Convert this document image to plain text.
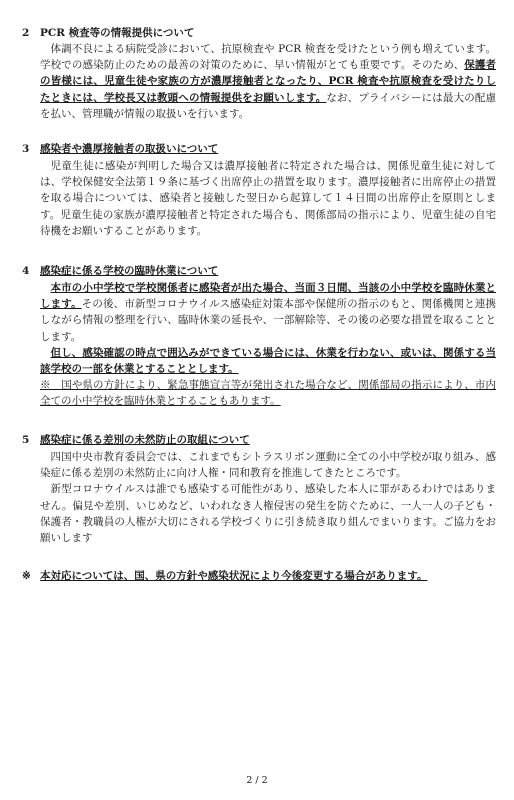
2 PCR 検査等の情報提供について

体調不良による病院受診において、抗原検査や PCR 検査を受けたという例も増えています。学校での感染防止のための最善の対策のために、早い情報がとても重要です。そのため、保護者の皆様には、児童生徒や家族の方が濃厚接触者となったり、PCR 検査や抗原検査を受けたりしたときには、学校長又は教頭への情報提供をお願いします。なお、プライバシーには最大の配慮を払い、管理職が情報の取扱いを行います。

3 感染者や濃厚接触者の取扱いについて

児童生徒に感染が判明した場合又は濃厚接触者に特定された場合は、関係児童生徒に対しては、学校保健安全法第１９条に基づく出席停止の措置を取ります。濃厚接触者に出席停止の措置を取る場合については、感染者と接触した翌日から起算して１４日間の出席停止を原則とします。児童生徒の家族が濃厚接触者と特定された場合も、関係部局の指示により、児童生徒の自宅待機をお願いすることがあります。

4 感染症に係る学校の臨時休業について

本市の小中学校で学校関係者に感染者が出た場合、当面３日間、当該の小中学校を臨時休業とします。その後、市新型コロナウイルス感染症対策本部や保健所の指示のもと、関係機関と連携しながら情報の整理を行い、臨時休業の延長や、一部解除等、その後の必要な措置を取ることとします。

但し、感染確認の時点で囲込みができている場合には、休業を行わない、或いは、関係する当該学校の一部を休業とすることとします。

※　国や県の方針により、緊急事態宣言等が発出された場合など、関係部局の指示により、市内全ての小中学校を臨時休業とすることもあります。

5 感染症に係る差別の未然防止の取組について

四国中央市教育委員会では、これまでもシトラスリボン運動に全ての小中学校が取り組み、感染症に係る差別の未然防止に向け人権・同和教育を推進してきたところです。

新型コロナウイルスは誰でも感染する可能性があり、感染した本人に罪があるわけではありません。偏見や差別、いじめなど、いわれなき人権侵害の発生を防ぐために、一人一人の子ども・保護者・教職員の人権が大切にされる学校づくりに引き続き取り組んでまいります。ご協力をお願いします

※ 本対応については、国、県の方針や感染状況により今後変更する場合があります。
2 / 2
